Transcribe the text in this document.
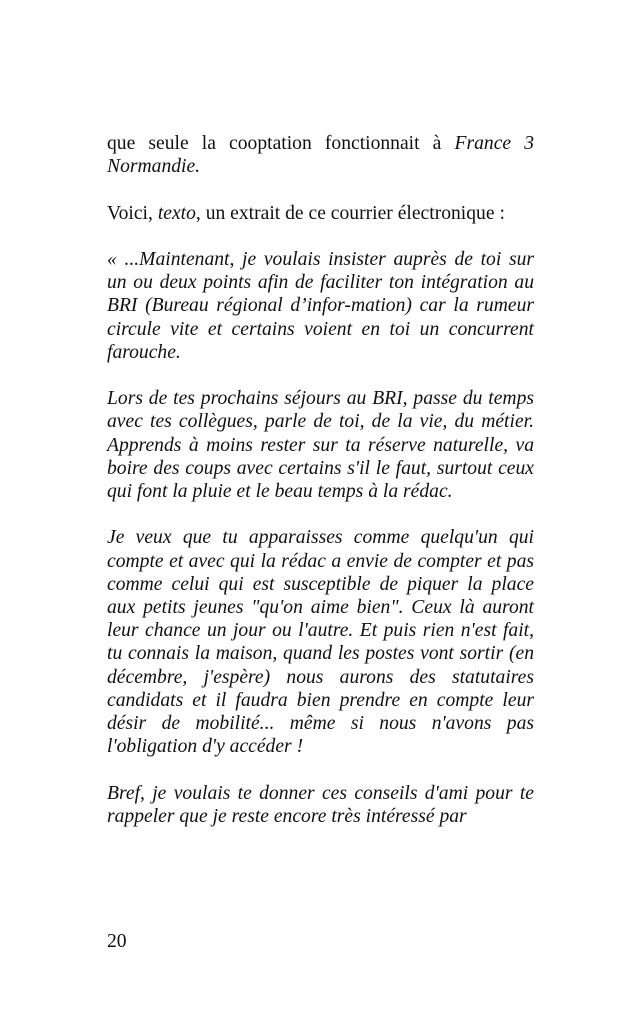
que seule la cooptation fonctionnait à France 3 Normandie.

Voici, texto, un extrait de ce courrier électronique :

« ...Maintenant, je voulais insister auprès de toi sur un ou deux points afin de faciliter ton intégration au BRI (Bureau régional d’infor-mation) car la rumeur circule vite et certains voient en toi un concurrent farouche.

Lors de tes prochains séjours au BRI, passe du temps avec tes collègues, parle de toi, de la vie, du métier. Apprends à moins rester sur ta réserve naturelle, va boire des coups avec certains s'il le faut, surtout ceux qui font la pluie et le beau temps à la rédac.

Je veux que tu apparaisses comme quelqu'un qui compte et avec qui la rédac a envie de compter et pas comme celui qui est susceptible de piquer la place aux petits jeunes "qu'on aime bien". Ceux là auront leur chance un jour ou l'autre. Et puis rien n'est fait, tu connais la maison, quand les postes vont sortir (en décembre, j'espère) nous aurons des statutaires candidats et il faudra bien prendre en compte leur désir de mobilité... même si nous n'avons pas l'obligation d'y accéder !

Bref, je voulais te donner ces conseils d'ami pour te rappeler que je reste encore très intéressé par

20
